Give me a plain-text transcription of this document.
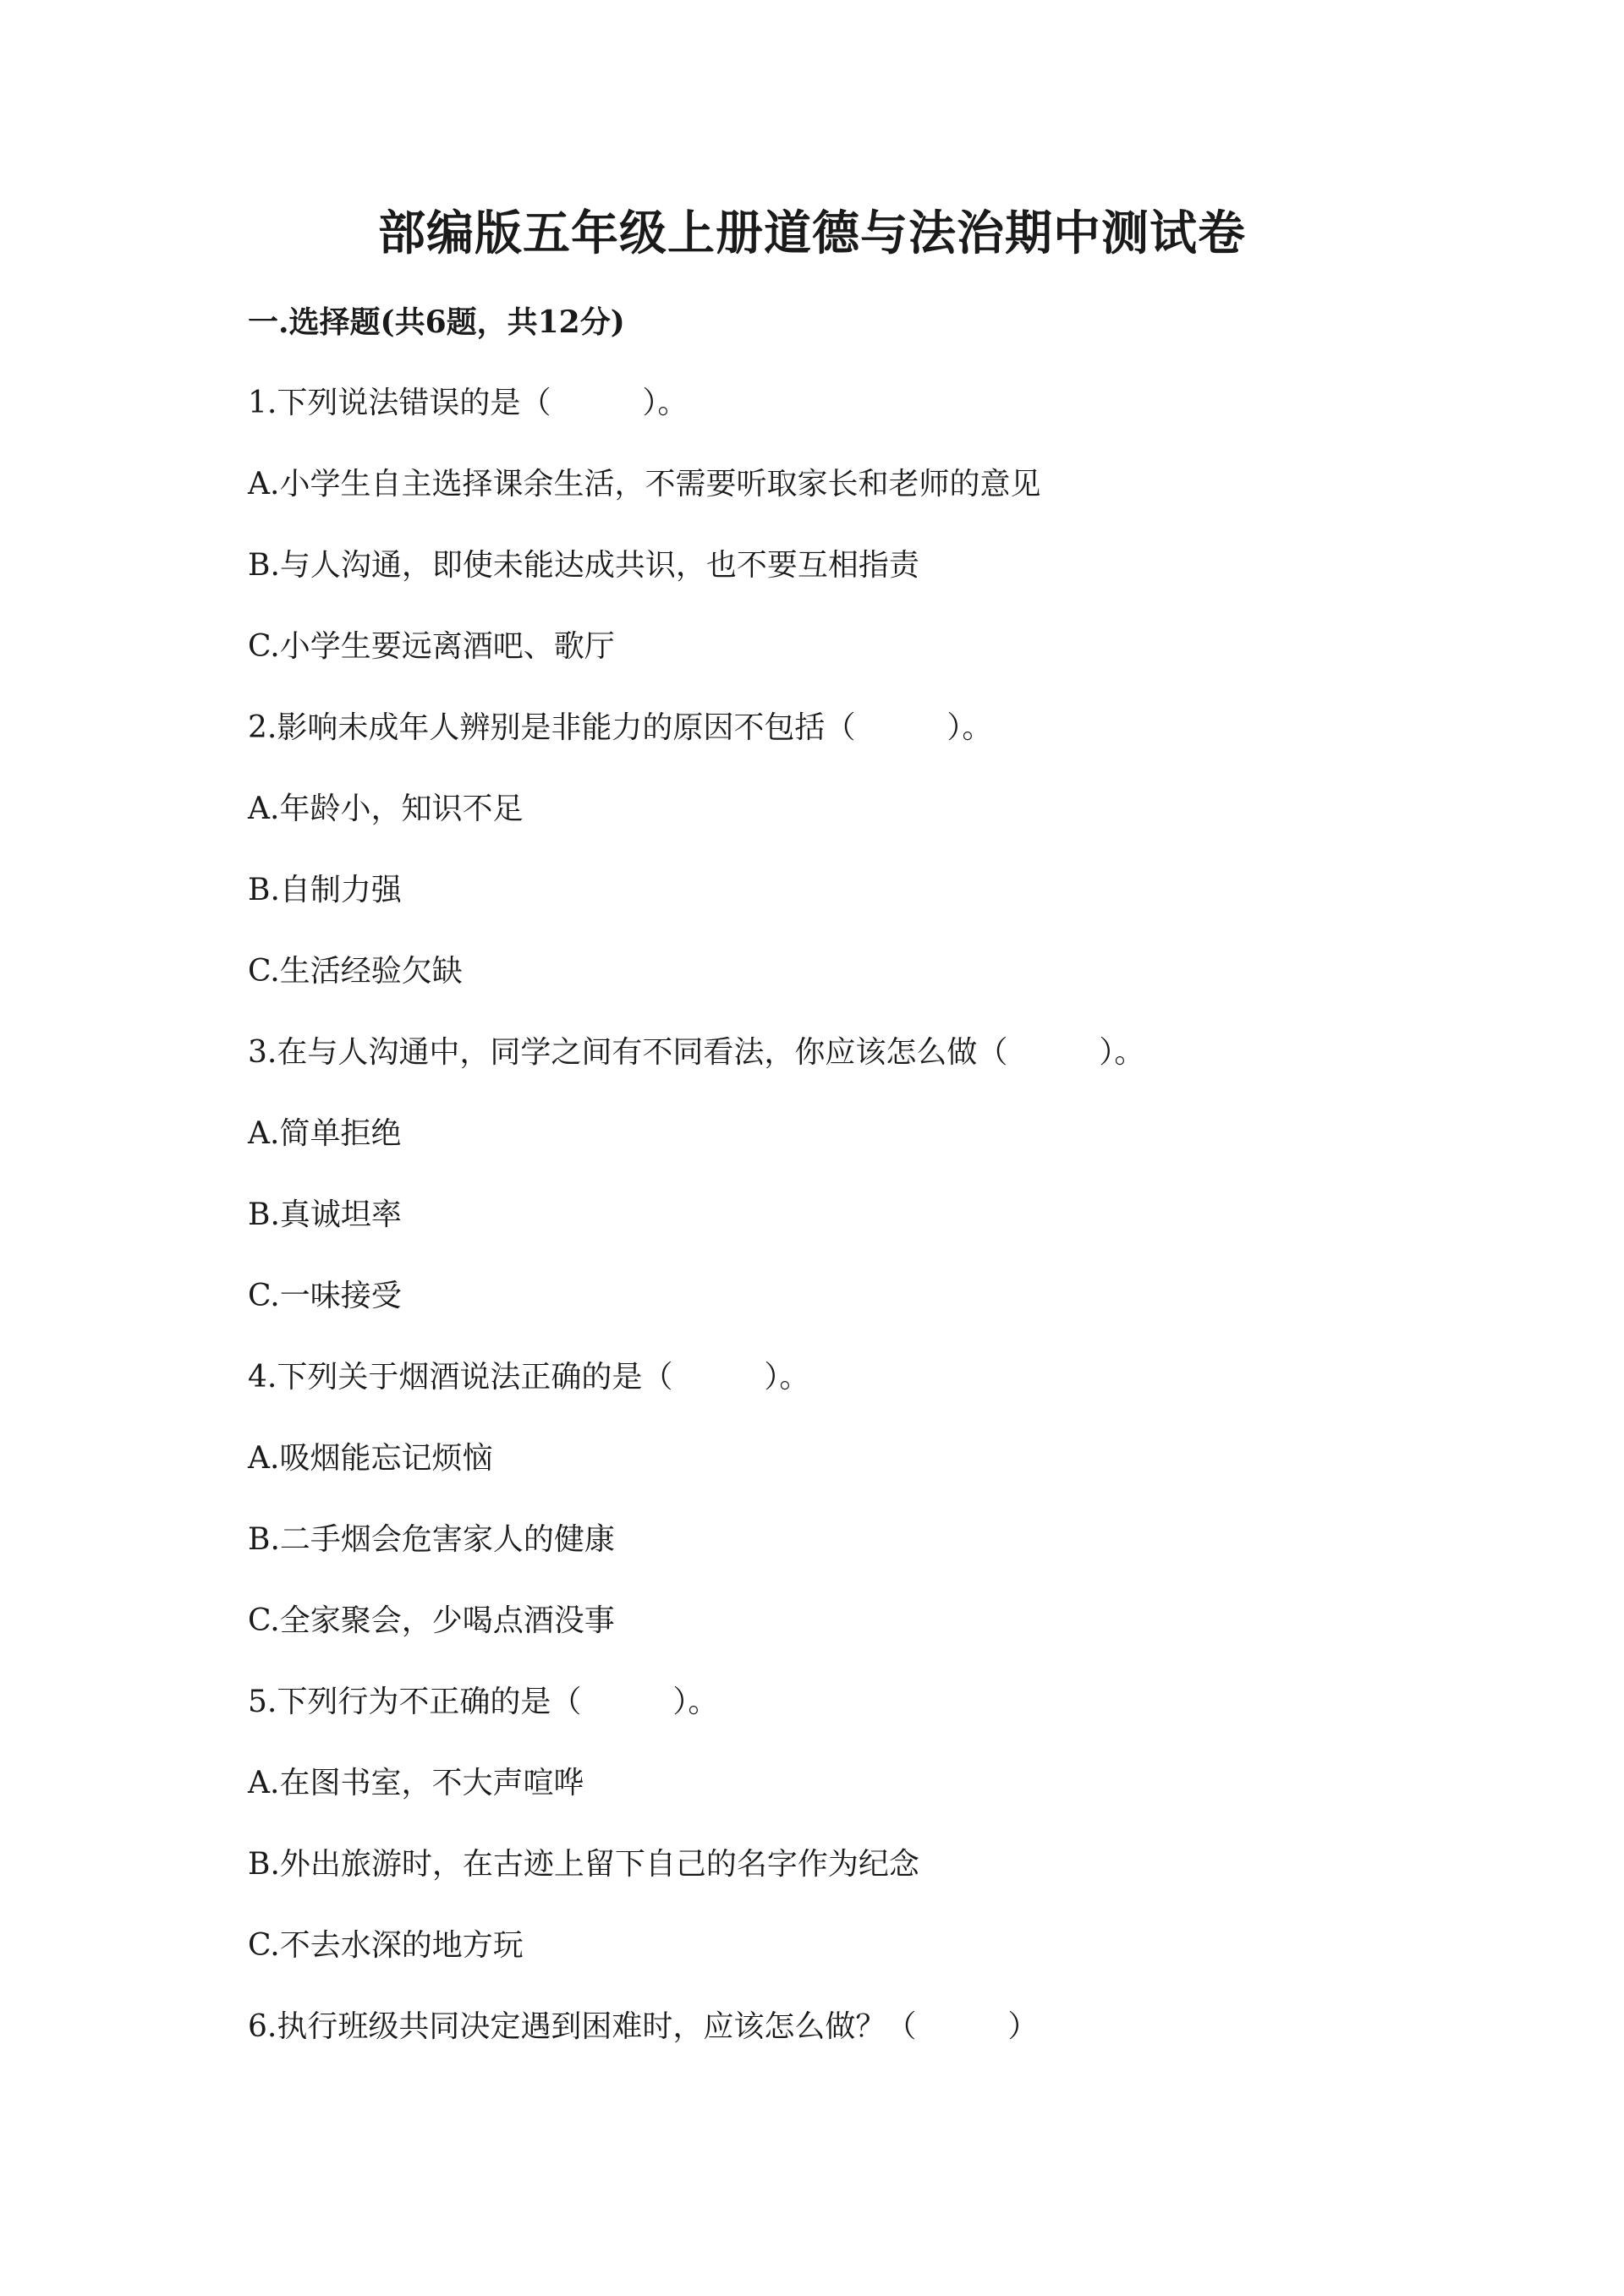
部编版五年级上册道德与法治期中测试卷
一.选择题(共6题，共12分)
1.下列说法错误的是（　　　）。
A.小学生自主选择课余生活，不需要听取家长和老师的意见
B.与人沟通，即使未能达成共识，也不要互相指责
C.小学生要远离酒吧、歌厅
2.影响未成年人辨别是非能力的原因不包括（　　　）。
A.年龄小，知识不足
B.自制力强
C.生活经验欠缺
3.在与人沟通中，同学之间有不同看法，你应该怎么做（　　　）。
A.简单拒绝
B.真诚坦率
C.一味接受
4.下列关于烟酒说法正确的是（　　　）。
A.吸烟能忘记烦恼
B.二手烟会危害家人的健康
C.全家聚会，少喝点酒没事
5.下列行为不正确的是（　　　）。
A.在图书室，不大声喧哗
B.外出旅游时，在古迹上留下自己的名字作为纪念
C.不去水深的地方玩
6.执行班级共同决定遇到困难时，应该怎么做？（　　　）
